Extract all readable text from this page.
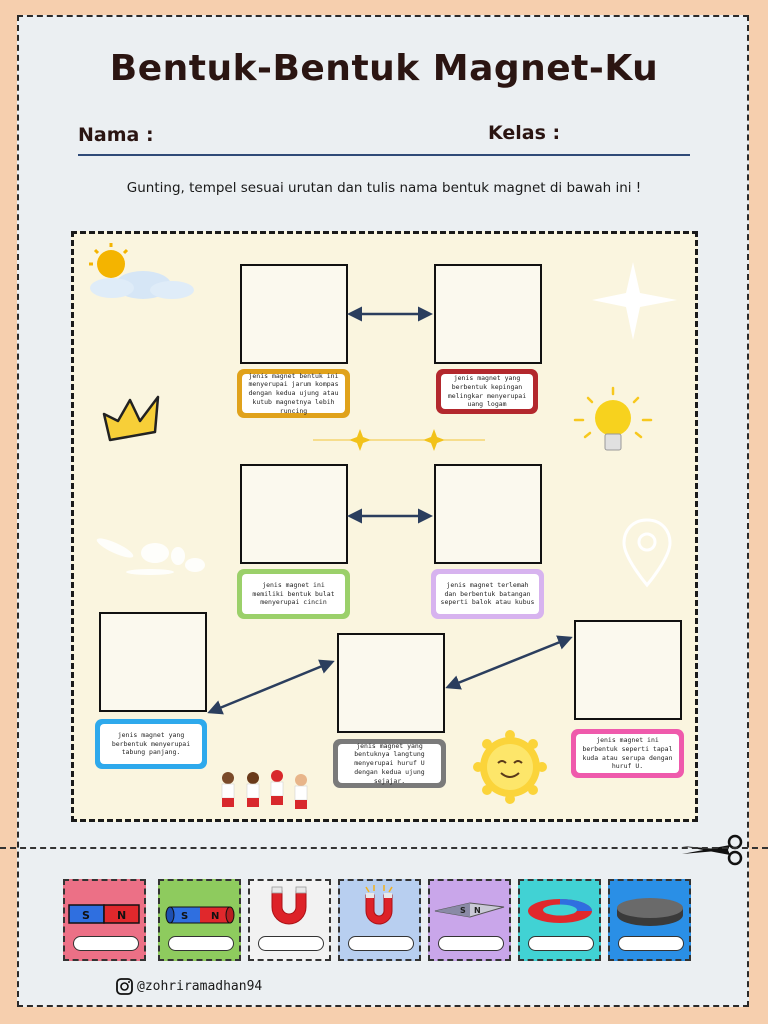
Bentuk-Bentuk Magnet-Ku
Nama :	Kelas :
Gunting, tempel sesuai urutan dan tulis nama bentuk magnet di bawah ini !
jenis magnet bentuk ini menyerupai jarum kompas dengan kedua ujung atau kutub magnetnya lebih runcing
jenis magnet yang berbentuk kepingan melingkar menyerupai uang logam
jenis magnet ini memiliki bentuk bulat menyerupai cincin
jenis magnet terlemah dan berbentuk batangan seperti balok atau kubus
jenis magnet yang berbentuk menyerupai tabung panjang.
jenis magnet yang bentuknya langtung menyerupai huruf U dengan kedua ujung sejajar.
jenis magnet ini berbentuk seperti tapal kuda atau serupa dengan huruf U.
S N	S N
S N
@zohriramadhan94
